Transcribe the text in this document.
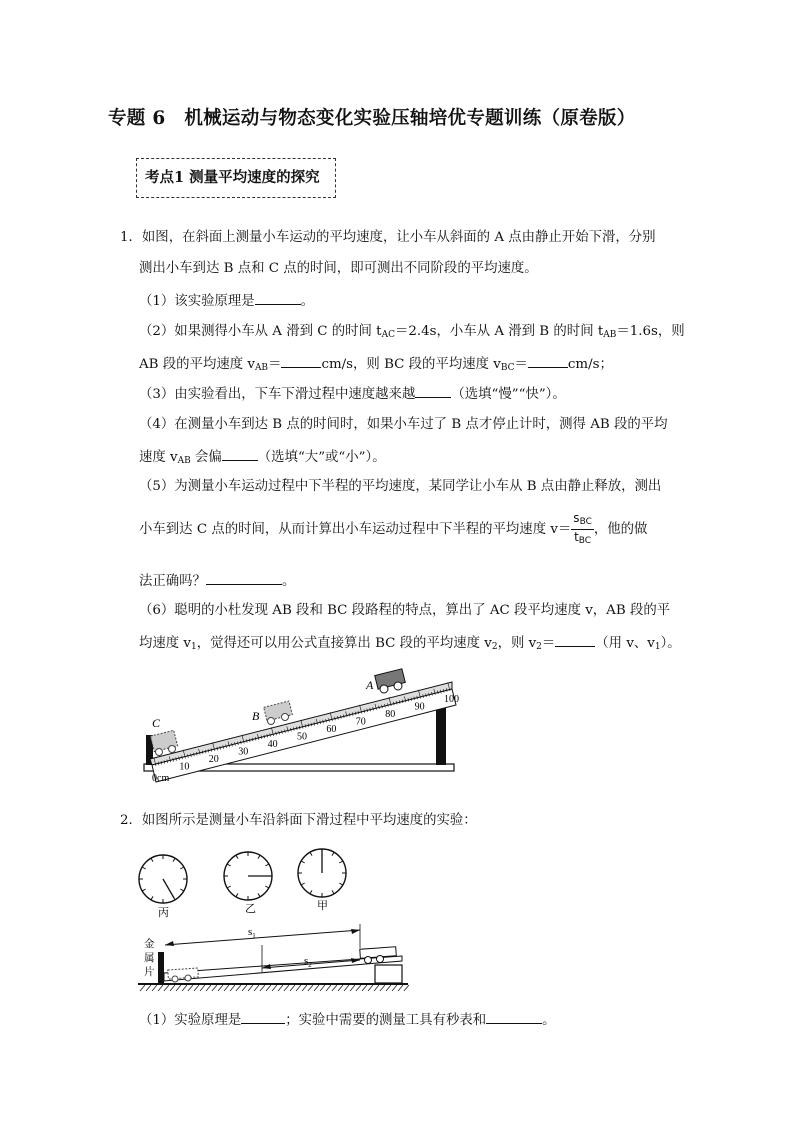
专题 6　机械运动与物态变化实验压轴培优专题训练（原卷版）
考点1 测量平均速度的探究
1．如图，在斜面上测量小车运动的平均速度，让小车从斜面的 A 点由静止开始下滑，分别
测出小车到达 B 点和 C 点的时间，即可测出不同阶段的平均速度。
（1）该实验原理是	。
（2）如果测得小车从 A 滑到 C 的时间 $t_{AC}=2.4s$，小车从 A 滑到 B 的时间 $t_{AB}=1.6s$，则
AB 段的平均速度 $v_{AB}=$	cm/s，则 BC 段的平均速度 $v_{BC}=$	cm/s；
（3）由实验看出，下车下滑过程中速度越来越	（选填“慢”“快”）。
（4）在测量小车到达 B 点的时间时，如果小车过了 B 点才停止计时，测得 AB 段的平均
速度 $v_{AB}$ 会偏	（选填“大”或“小”）。
（5）为测量小车运动过程中下半程的平均速度，某同学让小车从 B 点由静止释放，测出
小车到达 C 点的时间，从而计算出小车运动过程中下半程的平均速度 $v= \frac{s_{BC}}{t_{BC}}$ ，他的做
法正确吗？	。
（6）聪明的小杜发现 AB 段和 BC 段路程的特点，算出了 AC 段平均速度 v，AB 段的平
均速度 $v_1$，觉得还可以用公式直接算出 BC 段的平均速度 $v_2$，则 $v_2=$	（用 v、$v_1$）。
0cm
10
20
30
40
50
60
70
80
90
100
A
B
C
2．如图所示是测量小车沿斜面下滑过程中平均速度的实验：
丙	乙	甲
$s_1$
$s_2$
金
属
片
（1）实验原理是	；实验中需要的测量工具有秒表和	。
